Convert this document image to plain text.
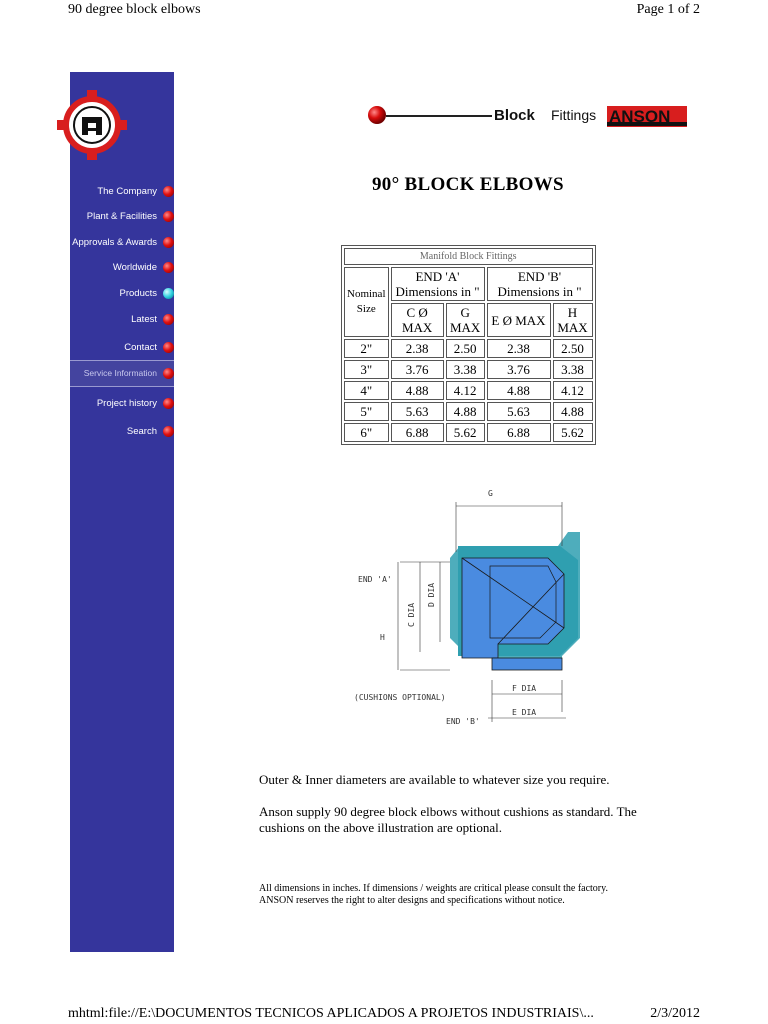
90 degree block elbows	Page 1 of 2
The Company
Plant & Facilities
Approvals & Awards
Worldwide
Products
Latest
Contact
Service Information
Project history
Search
Block Fittings ANSON
90° BLOCK ELBOWS
Manifold Block Fittings				
Nominal Size	END 'A' Dimensions in "		END 'B' Dimensions in "	
	C Ø MAX	G MAX	E Ø MAX	H MAX
2"	2.38	2.50	2.38	2.50
3"	3.76	3.38	3.76	3.38
4"	4.88	4.12	4.88	4.12
5"	5.63	4.88	5.63	4.88
6"	6.88	5.62	6.88	5.62
G
END 'A'
C DIA
D DIA
H
(CUSHIONS OPTIONAL)
F DIA
E DIA
END 'B'
Outer & Inner diameters are available to whatever size you require.
Anson supply 90 degree block elbows without cushions as standard. The cushions on the above illustration are optional.
All dimensions in inches. If dimensions / weights are critical please consult the factory.
ANSON reserves the right to alter designs and specifications without notice.
mhtml:file://E:\DOCUMENTOS TECNICOS APLICADOS A PROJETOS INDUSTRIAIS\...	2/3/2012
